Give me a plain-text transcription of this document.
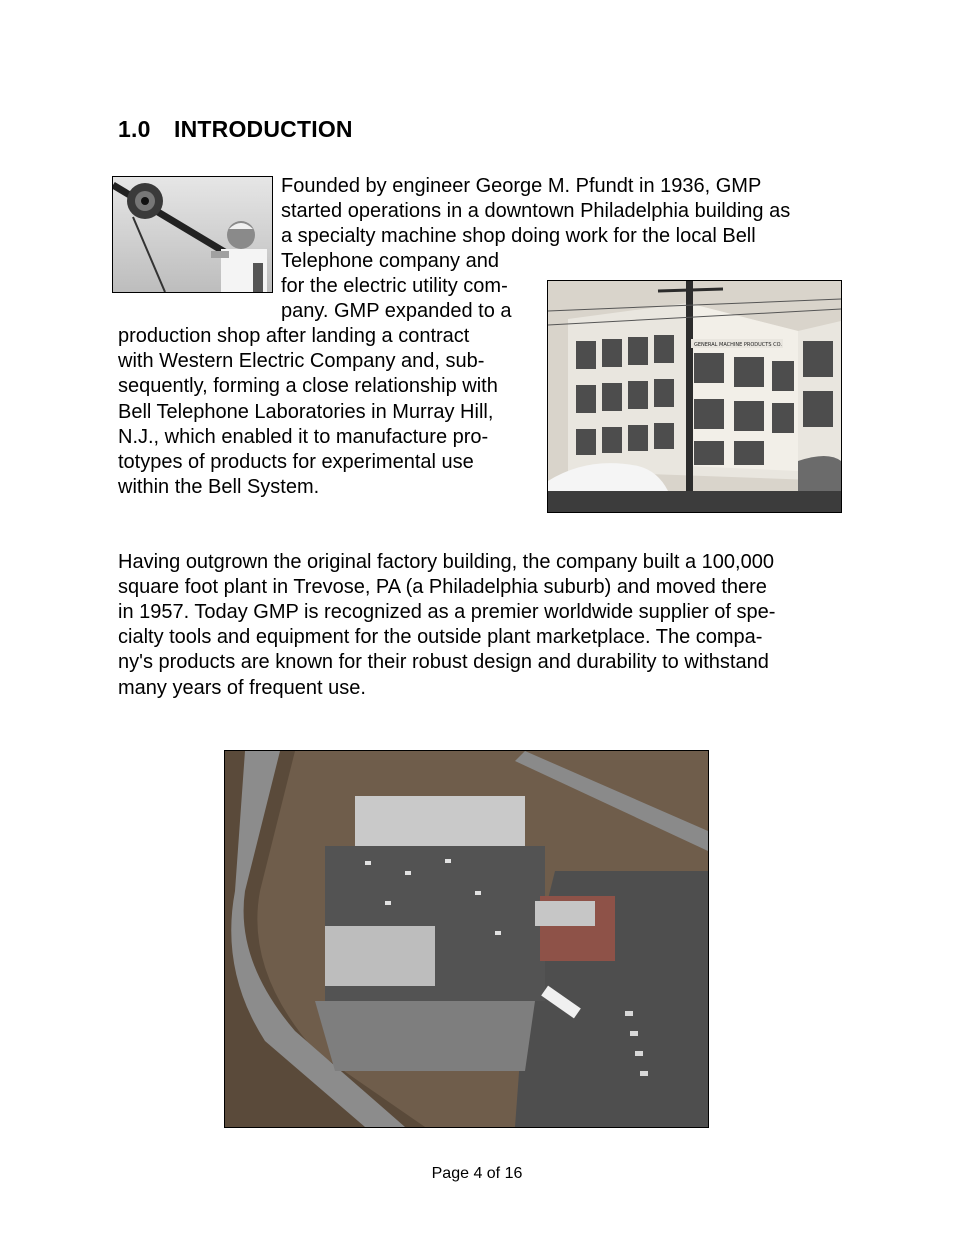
1.0 INTRODUCTION
Founded by engineer George M. Pfundt in 1936, GMP
started operations in a downtown Philadelphia building as
a specialty machine shop doing work for the local Bell
Telephone company and
for the electric utility com-
pany. GMP expanded to a
production shop after landing a contract
with Western Electric Company and, sub-
sequently, forming a close relationship with
Bell Telephone Laboratories in Murray Hill,
N.J., which enabled it to manufacture pro-
totypes of products for experimental use
within the Bell System.
GENERAL MACHINE PRODUCTS CO.
Having outgrown the original factory building, the company built a 100,000
square foot plant in Trevose, PA (a Philadelphia suburb) and moved there
in 1957. Today GMP is recognized as a premier worldwide supplier of spe-
cialty tools and equipment for the outside plant marketplace. The compa-
ny's products are known for their robust design and durability to withstand
many years of frequent use.
Page 4 of 16
